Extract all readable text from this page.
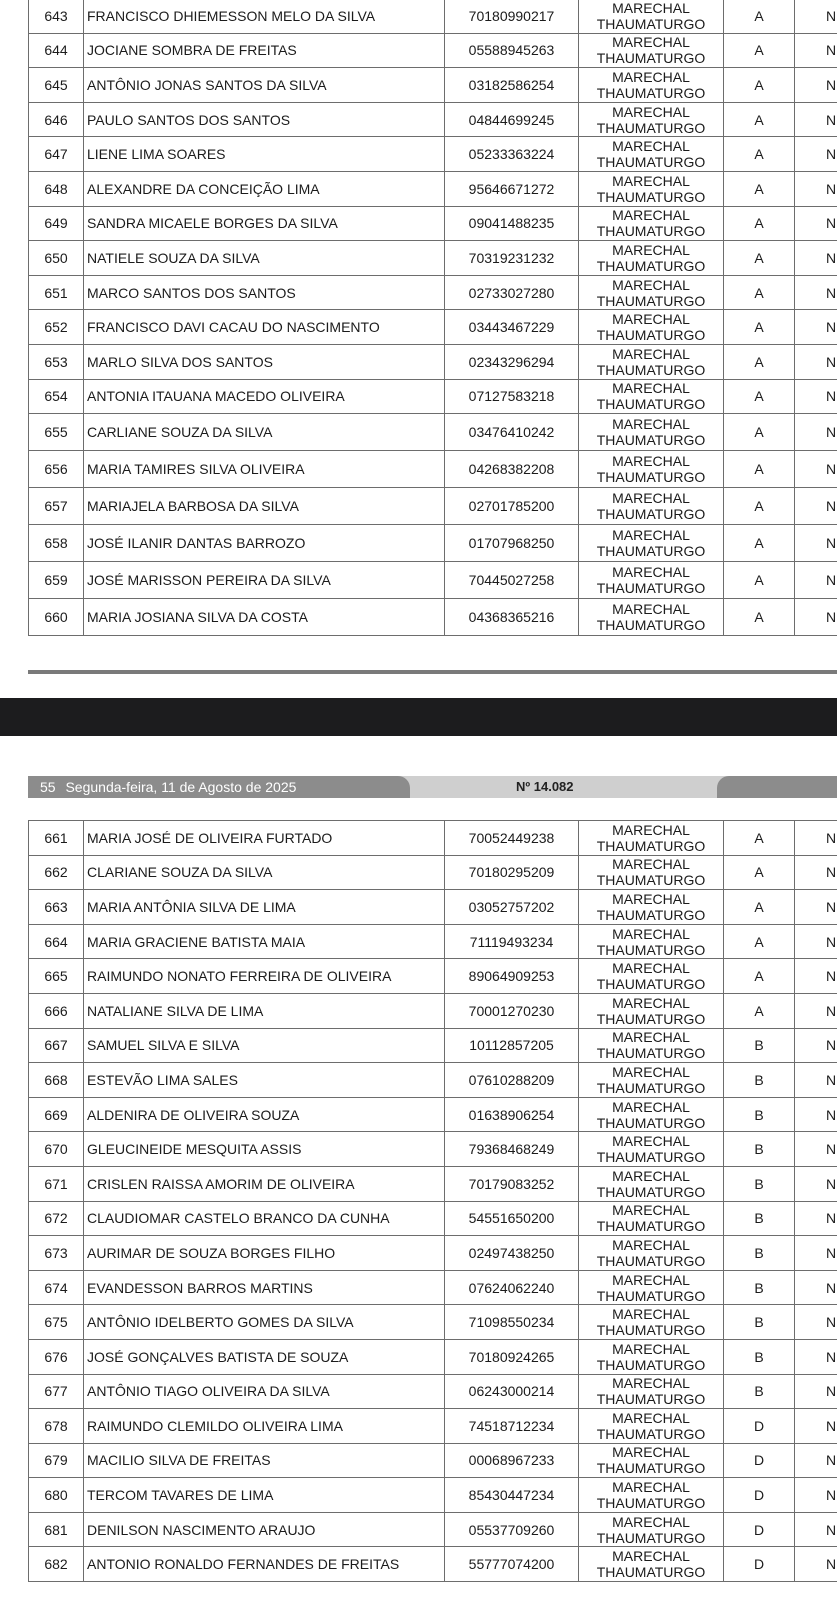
643	FRANCISCO DHIEMESSON MELO DA SILVA	70180990217	MARECHAL
THAUMATURGO	A	N
644	JOCIANE SOMBRA DE FREITAS	05588945263	MARECHAL
THAUMATURGO	A	N
645	ANTÔNIO JONAS SANTOS DA SILVA	03182586254	MARECHAL
THAUMATURGO	A	N
646	PAULO SANTOS DOS SANTOS	04844699245	MARECHAL
THAUMATURGO	A	N
647	LIENE LIMA SOARES	05233363224	MARECHAL
THAUMATURGO	A	N
648	ALEXANDRE DA CONCEIÇÃO LIMA	95646671272	MARECHAL
THAUMATURGO	A	N
649	SANDRA MICAELE BORGES DA SILVA	09041488235	MARECHAL
THAUMATURGO	A	N
650	NATIELE SOUZA DA SILVA	70319231232	MARECHAL
THAUMATURGO	A	N
651	MARCO SANTOS DOS SANTOS	02733027280	MARECHAL
THAUMATURGO	A	N
652	FRANCISCO DAVI CACAU DO NASCIMENTO	03443467229	MARECHAL
THAUMATURGO	A	N
653	MARLO SILVA DOS SANTOS	02343296294	MARECHAL
THAUMATURGO	A	N
654	ANTONIA ITAUANA MACEDO OLIVEIRA	07127583218	MARECHAL
THAUMATURGO	A	N
655	CARLIANE SOUZA DA SILVA	03476410242	MARECHAL
THAUMATURGO	A	N
656	MARIA TAMIRES SILVA OLIVEIRA	04268382208	MARECHAL
THAUMATURGO	A	N
657	MARIAJELA BARBOSA DA SILVA	02701785200	MARECHAL
THAUMATURGO	A	N
658	JOSÉ ILANIR DANTAS BARROZO	01707968250	MARECHAL
THAUMATURGO	A	N
659	JOSÉ MARISSON PEREIRA DA SILVA	70445027258	MARECHAL
THAUMATURGO	A	N
660	MARIA JOSIANA SILVA DA COSTA	04368365216	MARECHAL
THAUMATURGO	A	N
55 Segunda-feira, 11 de Agosto de 2025	Nº 14.082
661	MARIA JOSÉ DE OLIVEIRA FURTADO	70052449238	MARECHAL
THAUMATURGO	A	N
662	CLARIANE SOUZA DA SILVA	70180295209	MARECHAL
THAUMATURGO	A	N
663	MARIA ANTÔNIA SILVA DE LIMA	03052757202	MARECHAL
THAUMATURGO	A	N
664	MARIA GRACIENE BATISTA MAIA	71119493234	MARECHAL
THAUMATURGO	A	N
665	RAIMUNDO NONATO FERREIRA DE OLIVEIRA	89064909253	MARECHAL
THAUMATURGO	A	N
666	NATALIANE SILVA DE LIMA	70001270230	MARECHAL
THAUMATURGO	A	N
667	SAMUEL SILVA E SILVA	10112857205	MARECHAL
THAUMATURGO	B	N
668	ESTEVÃO LIMA SALES	07610288209	MARECHAL
THAUMATURGO	B	N
669	ALDENIRA DE OLIVEIRA SOUZA	01638906254	MARECHAL
THAUMATURGO	B	N
670	GLEUCINEIDE MESQUITA ASSIS	79368468249	MARECHAL
THAUMATURGO	B	N
671	CRISLEN RAISSA AMORIM DE OLIVEIRA	70179083252	MARECHAL
THAUMATURGO	B	N
672	CLAUDIOMAR CASTELO BRANCO DA CUNHA	54551650200	MARECHAL
THAUMATURGO	B	N
673	AURIMAR DE SOUZA BORGES FILHO	02497438250	MARECHAL
THAUMATURGO	B	N
674	EVANDESSON BARROS MARTINS	07624062240	MARECHAL
THAUMATURGO	B	N
675	ANTÔNIO IDELBERTO GOMES DA SILVA	71098550234	MARECHAL
THAUMATURGO	B	N
676	JOSÉ GONÇALVES BATISTA DE SOUZA	70180924265	MARECHAL
THAUMATURGO	B	N
677	ANTÔNIO TIAGO OLIVEIRA DA SILVA	06243000214	MARECHAL
THAUMATURGO	B	N
678	RAIMUNDO CLEMILDO OLIVEIRA LIMA	74518712234	MARECHAL
THAUMATURGO	D	N
679	MACILIO SILVA DE FREITAS	00068967233	MARECHAL
THAUMATURGO	D	N
680	TERCOM TAVARES DE LIMA	85430447234	MARECHAL
THAUMATURGO	D	N
681	DENILSON NASCIMENTO ARAUJO	05537709260	MARECHAL
THAUMATURGO	D	N
682	ANTONIO RONALDO FERNANDES DE FREITAS	55777074200	MARECHAL
THAUMATURGO	D	N
